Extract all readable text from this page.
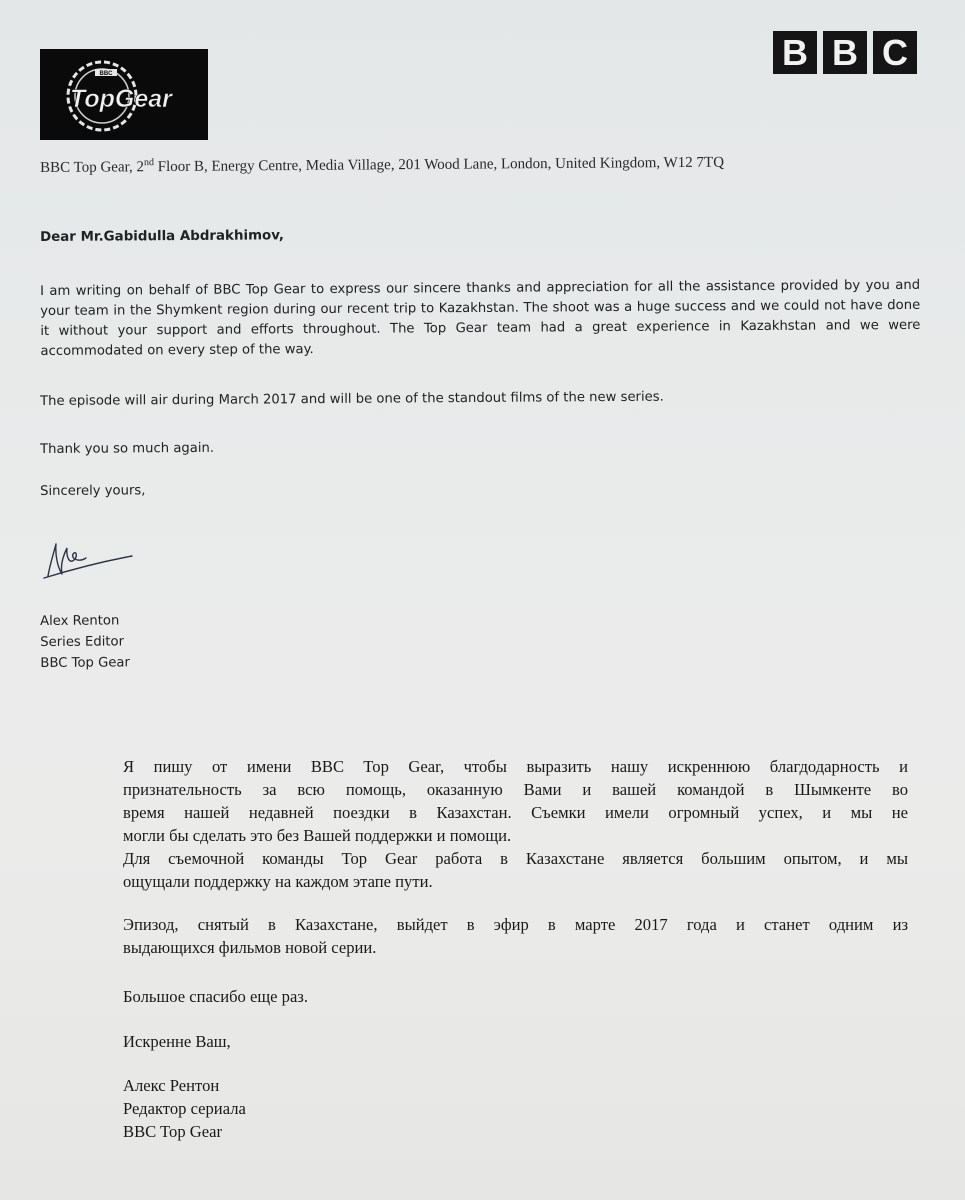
BBC
TopGear
B B C
BBC Top Gear, 2nd Floor B, Energy Centre, Media Village, 201 Wood Lane, London, United Kingdom, W12 7TQ
Dear Mr.Gabidulla Abdrakhimov,
I am writing on behalf of BBC Top Gear to express our sincere thanks and appreciation for all the assistance provided by you and your team in the Shymkent region during our recent trip to Kazakhstan. The shoot was a huge success and we could not have done it without your support and efforts throughout. The Top Gear team had a great experience in Kazakhstan and we were accommodated on every step of the way.
The episode will air during March 2017 and will be one of the standout films of the new series.
Thank you so much again.
Sincerely yours,
Alex Renton
Series Editor
BBC Top Gear
Я пишу от имени BBC Top Gear, чтобы выразить нашу искреннюю благдодарность и
признательность за всю помощь, оказанную Вами и вашей командой в Шымкенте во
время нашей недавней поездки в Казахстан. Съемки имели огромный успех, и мы не
могли бы сделать это без Вашей поддержки и помощи.
Для съемочной команды Top Gear работа в Казахстане является большим опытом, и мы
ощущали поддержку на каждом этапе пути.
Эпизод, снятый в Казахстане, выйдет в эфир в марте 2017 года и станет одним из
выдающихся фильмов новой серии.
Большое спасибо еще раз.
Искренне Ваш,
Алекс Рентон
Редактор сериала
BBC Top Gear
